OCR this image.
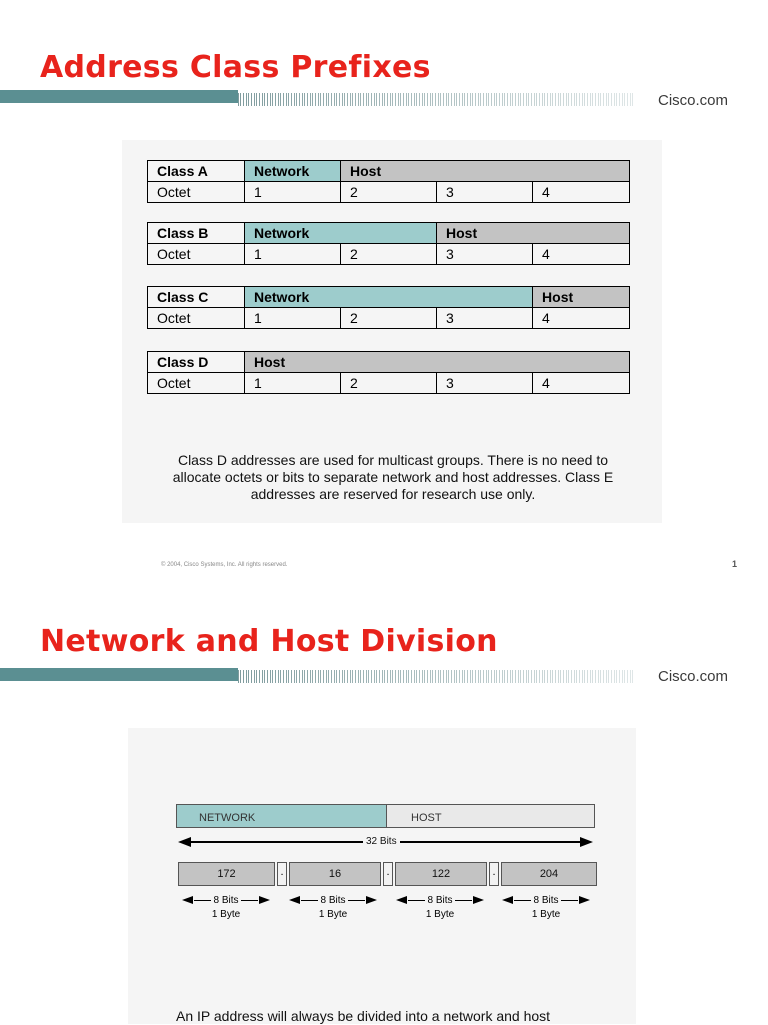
Address Class Prefixes
Cisco.com
Class A	Network	Host		
Octet	1	2	3	4
Class B	Network		Host	
Octet	1	2	3	4
Class C	Network			Host
Octet	1	2	3	4
Class D	Host			
Octet	1	2	3	4
Class D addresses are used for multicast groups. There is no need to
allocate octets or bits to separate network and host addresses. Class E
addresses are reserved for research use only.
© 2004, Cisco Systems, Inc. All rights reserved.	1
Network and Host Division
Cisco.com
NETWORK	HOST
32 Bits
172	.	16	.	122	.	204
8 Bits
1 Byte
8 Bits
1 Byte
8 Bits
1 Byte
8 Bits
1 Byte
An IP address will always be divided into a network and host
